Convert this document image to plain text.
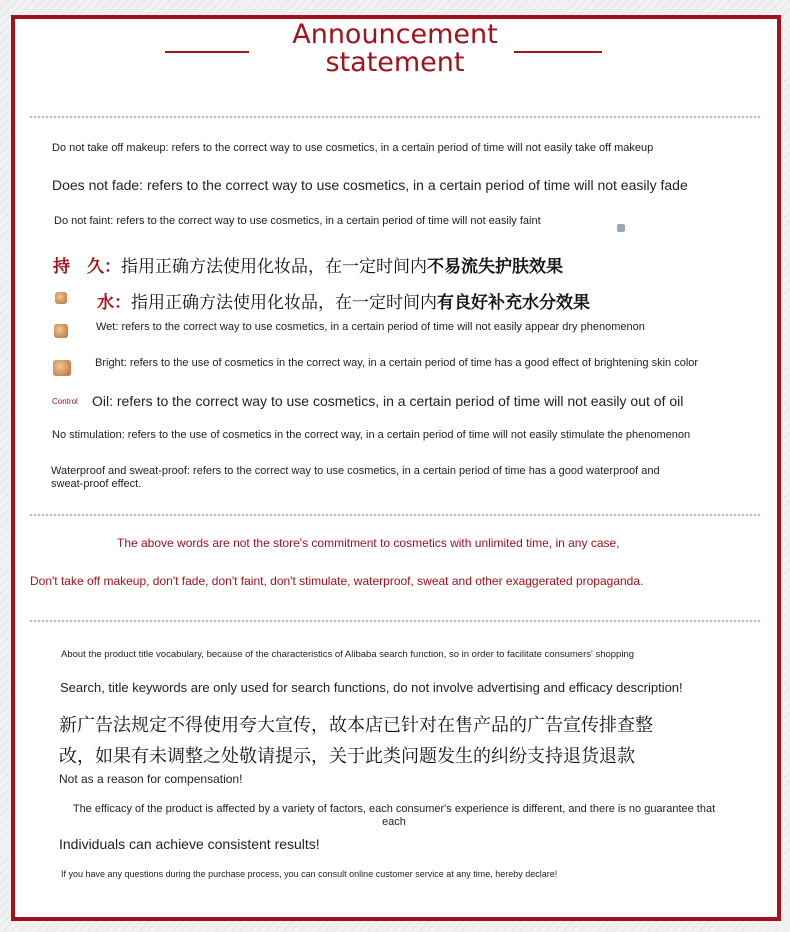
Announcement
statement
Do not take off makeup: refers to the correct way to use cosmetics, in a certain period of time will not easily take off makeup
Does not fade: refers to the correct way to use cosmetics, in a certain period of time will not easily fade
Do not faint: refers to the correct way to use cosmetics, in a certain period of time will not easily faint
持　久：指用正确方法使用化妆品，在一定时间内不易流失护肤效果
水：指用正确方法使用化妆品，在一定时间内有良好补充水分效果
Wet: refers to the correct way to use cosmetics, in a certain period of time will not easily appear dry phenomenon
Bright: refers to the use of cosmetics in the correct way, in a certain period of time has a good effect of brightening skin color
Control Oil: refers to the correct way to use cosmetics, in a certain period of time will not easily out of oil
No stimulation: refers to the use of cosmetics in the correct way, in a certain period of time will not easily stimulate the phenomenon
Waterproof and sweat-proof: refers to the correct way to use cosmetics, in a certain period of time has a good waterproof and
sweat-proof effect.
The above words are not the store's commitment to cosmetics with unlimited time, in any case,
Don't take off makeup, don't fade, don't faint, don't stimulate, waterproof, sweat and other exaggerated propaganda.
About the product title vocabulary, because of the characteristics of Alibaba search function, so in order to facilitate consumers' shopping
Search, title keywords are only used for search functions, do not involve advertising and efficacy description!
新广告法规定不得使用夸大宣传，故本店已针对在售产品的广告宣传排查整
改，如果有未调整之处敬请提示，关于此类问题发生的纠纷支持退货退款
Not as a reason for compensation!
The efficacy of the product is affected by a variety of factors, each consumer's experience is different, and there is no guarantee that
each
Individuals can achieve consistent results!
If you have any questions during the purchase process, you can consult online customer service at any time, hereby declare!
